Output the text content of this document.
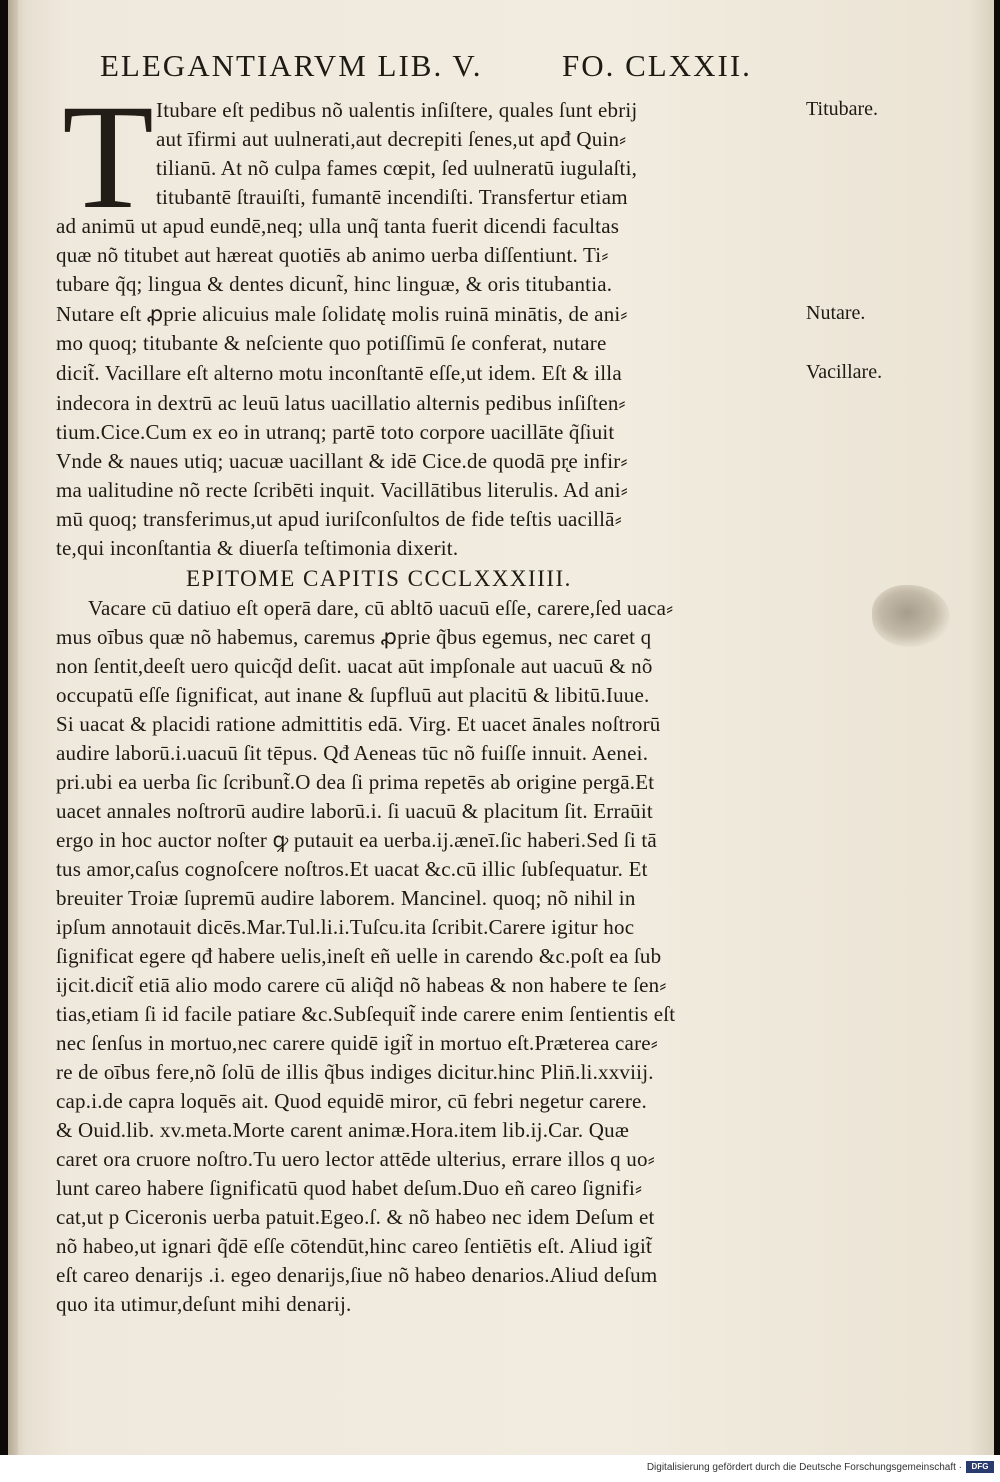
ELEGANTIARVM LIB. V.	FO. CLXXII.
T	Titubare.
Nutare.
Vacillare.
Itubare eſt pedibus nõ ualentis inſiſtere, quales ſunt ebrij
aut īfirmi aut uulnerati,aut decrepiti ſenes,ut apđ Quin⸗
tilianū. At nõ culpa fames cœpit, ſed uulneratū iugulaſti,
titubantē ſtrauiſti, fumantē incendiſti. Transfertur etiam
ad animū ut apud eundē,neq; ulla unq̃ tanta fuerit dicendi facultas
quæ nõ titubet aut hæreat quotiēs ab animo uerba diſſentiunt. Ti⸗
tubare q̃q; lingua & dentes dicunt̃, hinc linguæ, & oris titubantia.
Nutare eſt ꝓprie alicuius male ſolidatę molis ruinā minātis, de ani⸗
mo quoq; titubante & neſciente quo potiſſimū ſe conferat, nutare
dicit̃. Vacillare eſt alterno motu inconſtantē eſſe,ut idem. Eſt & illa
indecora in dextrū ac leuū latus uacillatio alternis pedibus inſiſten⸗
tium.Cice.Cum ex eo in utranq; partē toto corpore uacillāte q̃ſiuit
Vnde & naues utiq; uacuæ uacillant & idē Cice.de quodā pr̨e infir⸗
ma ualitudine nõ recte ſcribēti inquit. Vacillātibus literulis. Ad ani⸗
mū quoq; transferimus,ut apud iuriſconſultos de fide teſtis uacillā⸗
te,qui inconſtantia & diuerſa teſtimonia dixerit.
EPITOME CAPITIS CCCLXXXIIII.
Vacare cū datiuo eſt operā dare, cū abltō uacuū eſſe, carere,ſed uaca⸗
mus oībus quæ nõ habemus, caremus ꝓprie q̃bus egemus, nec caret q
non ſentit,deeſt uero quicq̃d deſit. uacat aūt impſonale aut uacuū & nõ
occupatū eſſe ſignificat, aut inane & ſupfluū aut placitū & libitū.Iuue.
Si uacat & placidi ratione admittitis edā. Virg. Et uacet ānales noſtrorū
audire laborū.i.uacuū ſit tēpus. Qđ Aeneas tūc nõ fuiſſe innuit. Aenei.
pri.ubi ea uerba ſic ſcribunt̃.O dea ſi prima repetēs ab origine pergā.Et
uacet annales noſtrorū audire laborū.i. ſi uacuū & placitum ſit. Erraūit
ergo in hoc auctor noſter ꝙ putauit ea uerba.ij.æneī.ſic haberi.Sed ſi tā
tus amor,caſus cognoſcere noſtros.Et uacat &c.cū illic ſubſequatur. Et
breuiter Troiæ ſupremū audire laborem. Mancinel. quoq; nõ nihil in
ipſum annotauit dicēs.Mar.Tul.li.i.Tuſcu.ita ſcribit.Carere igitur hoc
ſignificat egere qđ habere uelis,ineſt eñ uelle in carendo &c.poſt ea ſub
ijcit.dicit̃ etiā alio modo carere cū aliq̃d nõ habeas & non habere te ſen⸗
tias,etiam ſi id facile patiare &c.Subſequit̃ inde carere enim ſentientis eſt
nec ſenſus in mortuo,nec carere quidē igit̃ in mortuo eſt.Præterea care⸗
re de oībus fere,nõ ſolū de illis q̃bus indiges dicitur.hinc Plin̄.li.xxviij.
cap.i.de capra loquēs ait. Quod equidē miror, cū febri negetur carere.
& Ouid.lib. xv.meta.Morte carent animæ.Hora.item lib.ij.Car. Quæ
caret ora cruore noſtro.Tu uero lector attēde ulterius, errare illos q uo⸗
lunt careo habere ſignificatū quod habet deſum.Duo eñ careo ſignifi⸗
cat,ut p Ciceronis uerba patuit.Egeo.ſ. & nõ habeo nec idem Deſum et
nõ habeo,ut ignari q̃dē eſſe cōtendūt,hinc careo ſentiētis eſt. Aliud igit̃
eſt careo denarijs .i. egeo denarijs,ſiue nõ habeo denarios.Aliud deſum
quo ita utimur,deſunt mihi denarij.
Digitalisierung gefördert durch die Deutsche Forschungsgemeinschaft ·	DFG
